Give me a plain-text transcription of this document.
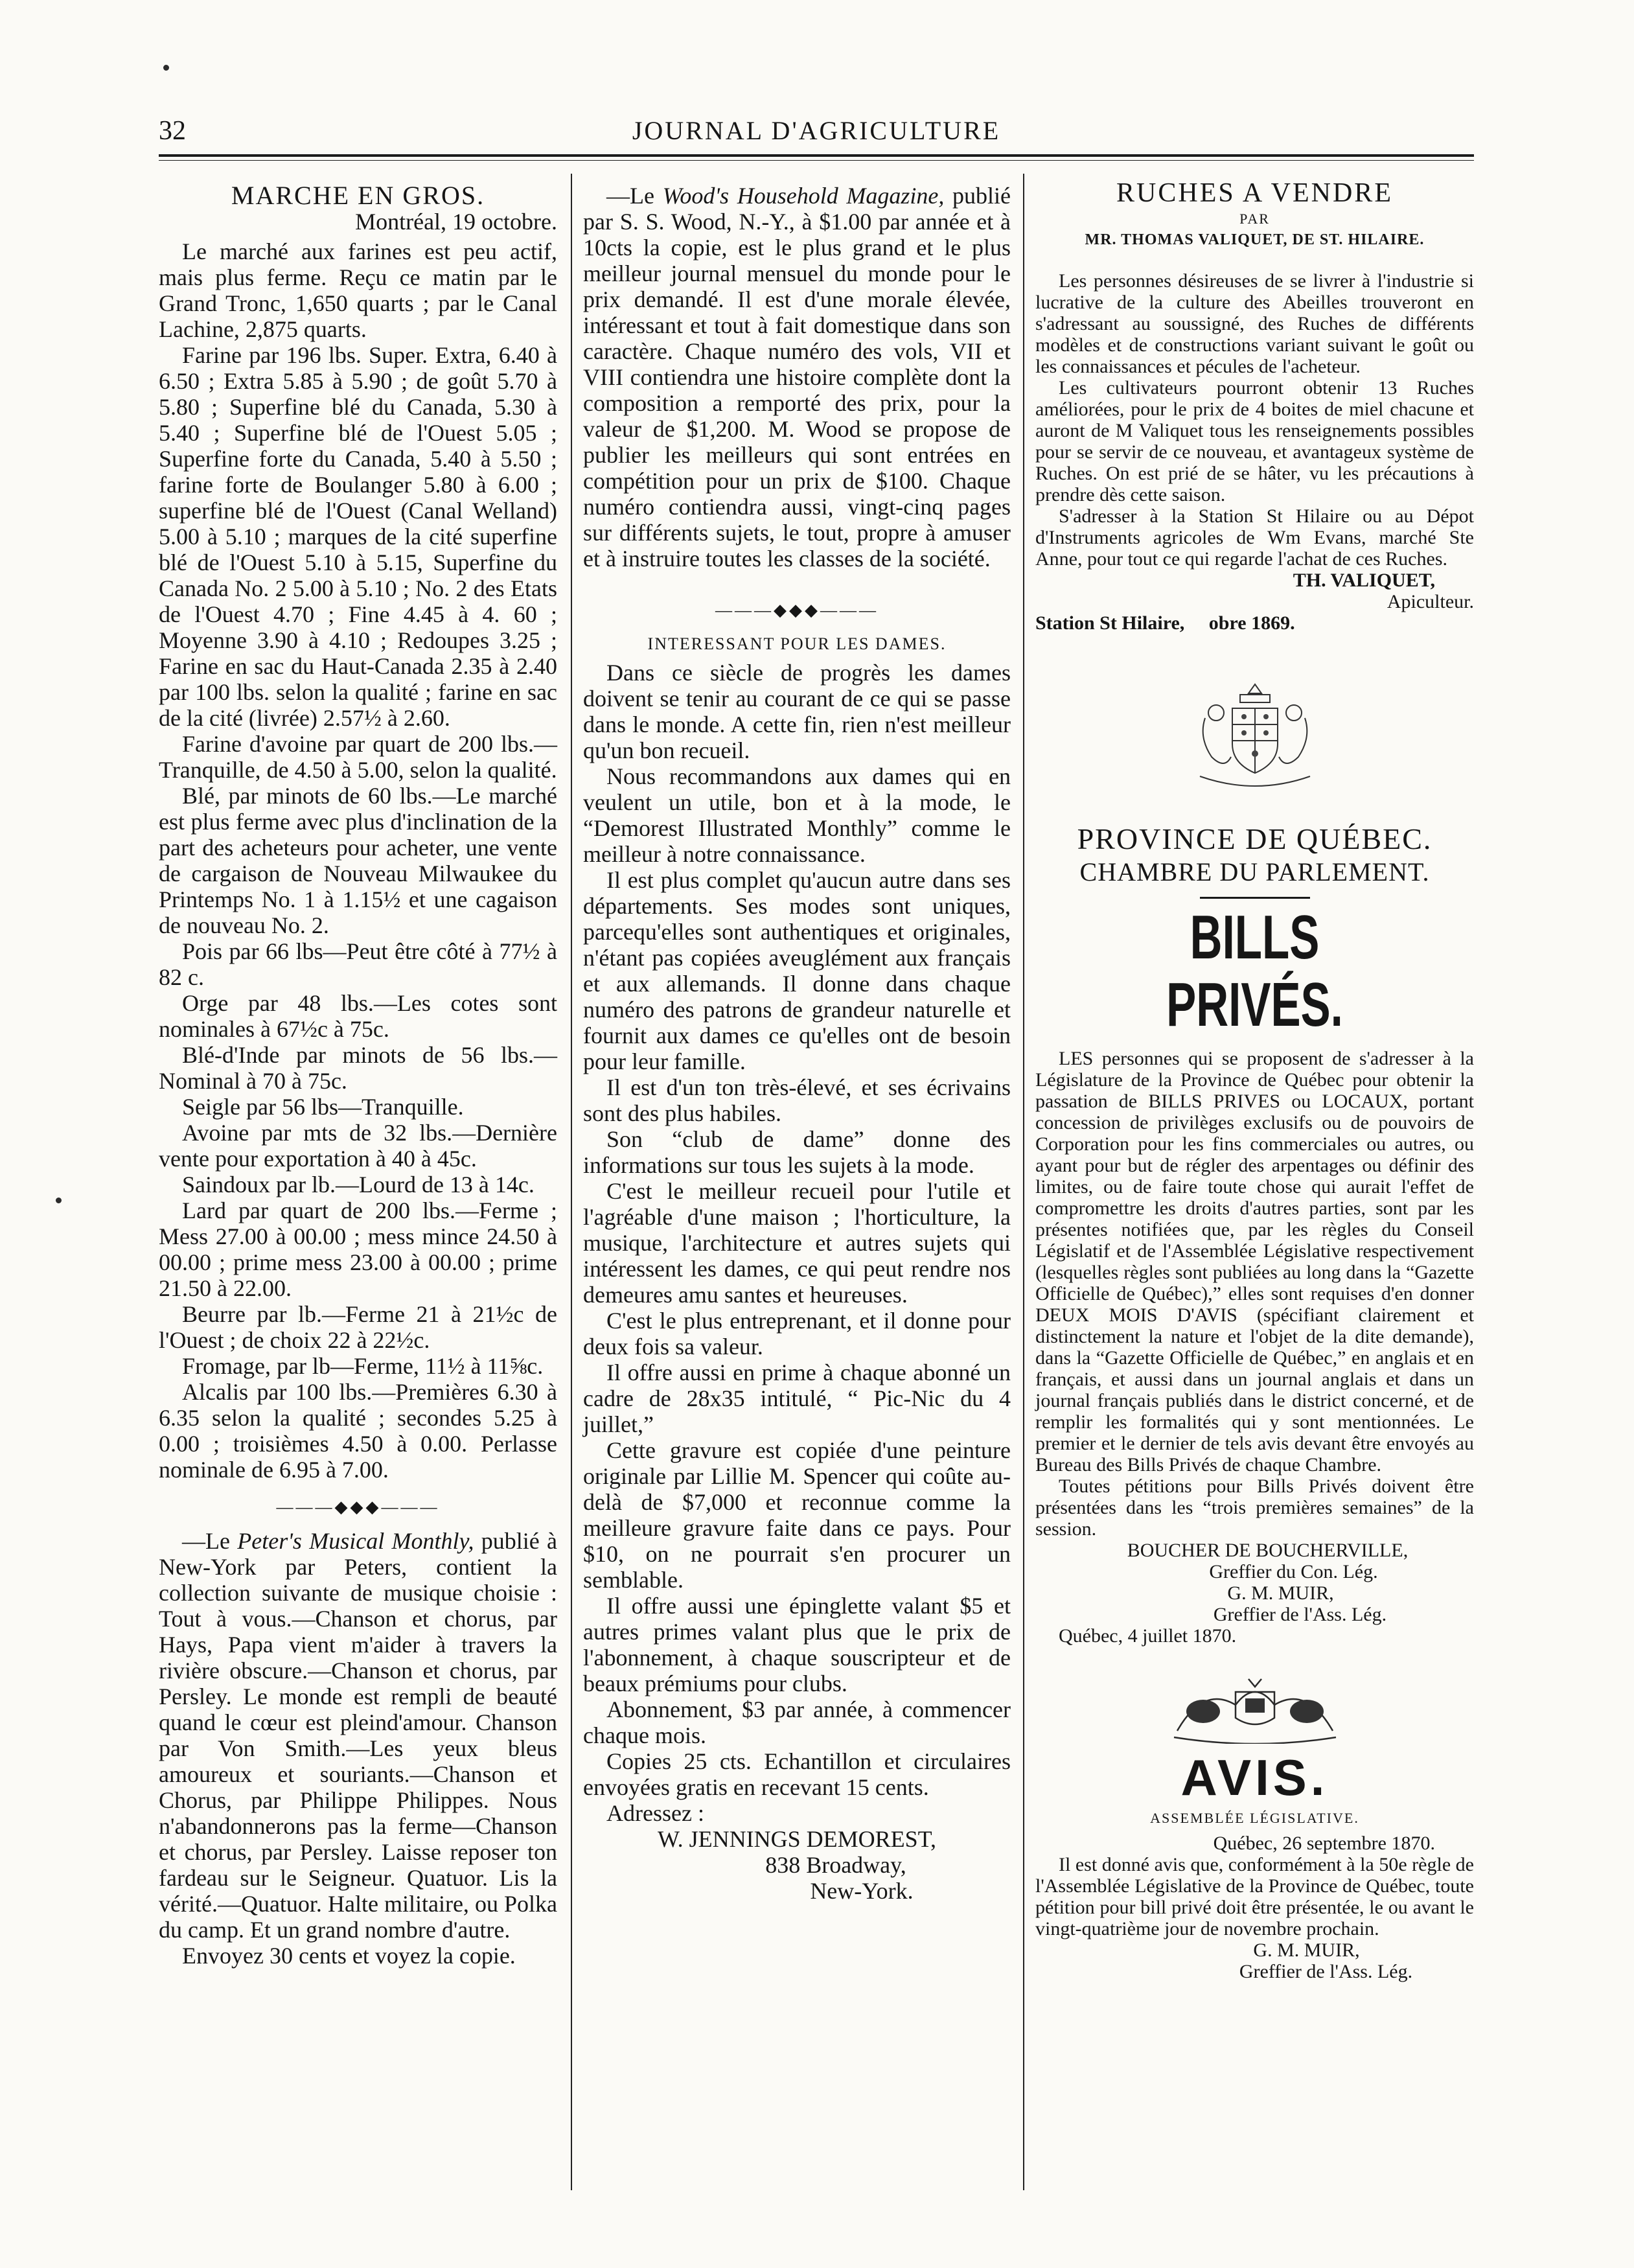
32	JOURNAL D'AGRICULTURE

MARCHE EN GROS.

Montréal, 19 octobre.

Le marché aux farines est peu actif, mais plus ferme. Reçu ce matin par le Grand Tronc, 1,650 quarts ; par le Canal Lachine, 2,875 quarts.

Farine par 196 lbs. Super. Extra, 6.40 à 6.50 ; Extra 5.85 à 5.90 ; de goût 5.70 à 5.80 ; Superfine blé du Canada, 5.30 à 5.40 ; Superfine blé de l'Ouest 5.05 ; Superfine forte du Canada, 5.40 à 5.50 ; farine forte de Boulanger 5.80 à 6.00 ; superfine blé de l'Ouest (Canal Welland) 5.00 à 5.10 ; marques de la cité superfine blé de l'Ouest 5.10 à 5.15, Superfine du Canada No. 2 5.00 à 5.10 ; No. 2 des Etats de l'Ouest 4.70 ; Fine 4.45 à 4. 60 ; Moyenne 3.90 à 4.10 ; Redoupes 3.25 ; Farine en sac du Haut-Canada 2.35 à 2.40 par 100 lbs. selon la qualité ; farine en sac de la cité (livrée) 2.57½ à 2.60.

Farine d'avoine par quart de 200 lbs.—Tranquille, de 4.50 à 5.00, selon la qualité.

Blé, par minots de 60 lbs.—Le marché est plus ferme avec plus d'inclination de la part des acheteurs pour acheter, une vente de cargaison de Nouveau Milwaukee du Printemps No. 1 à 1.15½ et une cagaison de nouveau No. 2.

Pois par 66 lbs—Peut être côté à 77½ à 82 c.

Orge par 48 lbs.—Les cotes sont nominales à 67½c à 75c.

Blé-d'Inde par minots de 56 lbs.—Nominal à 70 à 75c.

Seigle par 56 lbs—Tranquille.

Avoine par mts de 32 lbs.—Dernière vente pour exportation à 40 à 45c.

Saindoux par lb.—Lourd de 13 à 14c.

Lard par quart de 200 lbs.—Ferme ; Mess 27.00 à 00.00 ; mess mince 24.50 à 00.00 ; prime mess 23.00 à 00.00 ; prime 21.50 à 22.00.

Beurre par lb.—Ferme 21 à 21½c de l'Ouest ; de choix 22 à 22½c.

Fromage, par lb—Ferme, 11½ à 11⅝c.

Alcalis par 100 lbs.—Premières 6.30 à 6.35 selon la qualité ; secondes 5.25 à 0.00 ; troisièmes 4.50 à 0.00. Perlasse nominale de 6.95 à 7.00.

———◆◆◆———

—Le Peter's Musical Monthly, publié à New-York par Peters, contient la collection suivante de musique choisie : Tout à vous.—Chanson et chorus, par Hays, Papa vient m'aider à travers la rivière obscure.—Chanson et chorus, par Persley. Le monde est rempli de beauté quand le cœur est pleind'amour. Chanson par Von Smith.—Les yeux bleus amoureux et souriants.—Chanson et Chorus, par Philippe Philippes. Nous n'abandonnerons pas la ferme—Chanson et chorus, par Persley. Laisse reposer ton fardeau sur le Seigneur. Quatuor. Lis la vérité.—Quatuor. Halte militaire, ou Polka du camp. Et un grand nombre d'autre.

Envoyez 30 cents et voyez la copie.

—Le Wood's Household Magazine, publié par S. S. Wood, N.-Y., à $1.00 par année et à 10cts la copie, est le plus grand et le plus meilleur journal mensuel du monde pour le prix demandé. Il est d'une morale élevée, intéressant et tout à fait domestique dans son caractère. Chaque numéro des vols, VII et VIII contiendra une histoire complète dont la composition a remporté des prix, pour la valeur de $1,200. M. Wood se propose de publier les meilleurs qui sont entrées en compétition pour un prix de $100. Chaque numéro contiendra aussi, vingt-cinq pages sur différents sujets, le tout, propre à amuser et à instruire toutes les classes de la société.

———◆◆◆———

INTERESSANT POUR LES DAMES.

Dans ce siècle de progrès les dames doivent se tenir au courant de ce qui se passe dans le monde. A cette fin, rien n'est meilleur qu'un bon recueil.

Nous recommandons aux dames qui en veulent un utile, bon et à la mode, le “Demorest Illustrated Monthly” comme le meilleur à notre connaissance.

Il est plus complet qu'aucun autre dans ses départements. Ses modes sont uniques, parcequ'elles sont authentiques et originales, n'étant pas copiées aveuglément aux français et aux allemands. Il donne dans chaque numéro des patrons de grandeur naturelle et fournit aux dames ce qu'elles ont de besoin pour leur famille.

Il est d'un ton très-élevé, et ses écrivains sont des plus habiles.

Son “club de dame” donne des informations sur tous les sujets à la mode.

C'est le meilleur recueil pour l'utile et l'agréable d'une maison ; l'horticulture, la musique, l'architecture et autres sujets qui intéressent les dames, ce qui peut rendre nos demeures amu santes et heureuses.

C'est le plus entreprenant, et il donne pour deux fois sa valeur.

Il offre aussi en prime à chaque abonné un cadre de 28x35 intitulé, “ Pic-Nic du 4 juillet,”

Cette gravure est copiée d'une peinture originale par Lillie M. Spencer qui coûte au-delà de $7,000 et reconnue comme la meilleure gravure faite dans ce pays. Pour $10, on ne pourrait s'en procurer un semblable.

Il offre aussi une épinglette valant $5 et autres primes valant plus que le prix de l'abonnement, à chaque souscripteur et de beaux prémiums pour clubs.

Abonnement, $3 par année, à commencer chaque mois.

Copies 25 cts. Echantillon et circulaires envoyées gratis en recevant 15 cents.

Adressez :

W. JENNINGS DEMOREST,

838 Broadway,

New-York.

RUCHES A VENDRE

PAR

MR. THOMAS VALIQUET, DE ST. HILAIRE.

Les personnes désireuses de se livrer à l'industrie si lucrative de la culture des Abeilles trouveront en s'adressant au soussigné, des Ruches de différents modèles et de constructions variant suivant le goût ou les connaissances et pécules de l'acheteur.

Les cultivateurs pourront obtenir 13 Ruches améliorées, pour le prix de 4 boites de miel chacune et auront de M Valiquet tous les renseignements possibles pour se servir de ce nouveau, et avantageux système de Ruches. On est prié de se hâter, vu les précautions à prendre dès cette saison.

S'adresser à la Station St Hilaire ou au Dépot d'Instruments agricoles de Wm Evans, marché Ste Anne, pour tout ce qui regarde l'achat de ces Ruches.

TH. VALIQUET,

Apiculteur.

Station St Hilaire, obre 1869.

PROVINCE DE QUÉBEC.

CHAMBRE DU PARLEMENT.

BILLS PRIVÉS.

LES personnes qui se proposent de s'adresser à la Législature de la Province de Québec pour obtenir la passation de BILLS PRIVES ou LOCAUX, portant concession de privilèges exclusifs ou de pouvoirs de Corporation pour les fins commerciales ou autres, ou ayant pour but de régler des arpentages ou définir des limites, ou de faire toute chose qui aurait l'effet de compromettre les droits d'autres parties, sont par les présentes notifiées que, par les règles du Conseil Législatif et de l'Assemblée Législative respectivement (lesquelles règles sont publiées au long dans la “Gazette Officielle de Québec),” elles sont requises d'en donner DEUX MOIS D'AVIS (spécifiant clairement et distinctement la nature et l'objet de la dite demande), dans la “Gazette Officielle de Québec,” en anglais et en français, et aussi dans un journal anglais et dans un journal français publiés dans le district concerné, et de remplir les formalités qui y sont mentionnées. Le premier et le dernier de tels avis devant être envoyés au Bureau des Bills Privés de chaque Chambre.

Toutes pétitions pour Bills Privés doivent être présentées dans les “trois premières semaines” de la session.

BOUCHER DE BOUCHERVILLE,

Greffier du Con. Lég.

G. M. MUIR,

Greffier de l'Ass. Lég.

Québec, 4 juillet 1870.

AVIS.

ASSEMBLÉE LÉGISLATIVE.

Québec, 26 septembre 1870.

Il est donné avis que, conformément à la 50e règle de l'Assemblée Législative de la Province de Québec, toute pétition pour bill privé doit être présentée, le ou avant le vingt-quatrième jour de novembre prochain.

G. M. MUIR,

Greffier de l'Ass. Lég.
